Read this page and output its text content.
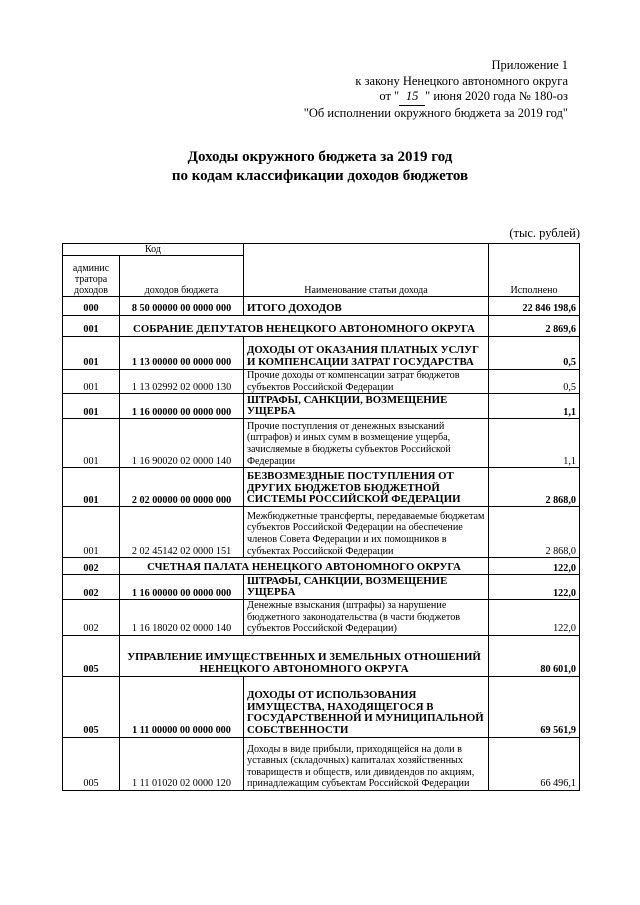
Приложение 1
к закону Ненецкого автономного округа
от " 15 " июня 2020 года № 180-оз
"Об исполнении окружного бюджета за 2019 год"
Доходы окружного бюджета за 2019 год
по кодам классификации доходов бюджетов
(тыс. рублей)
Код		Наименование статьи дохода	Исполнено
админис тратора доходов	доходов бюджета		
000	8 50 00000 00 0000 000	ИТОГО ДОХОДОВ	22 846 198,6
001	СОБРАНИЕ ДЕПУТАТОВ НЕНЕЦКОГО АВТОНОМНОГО ОКРУГА		2 869,6
001	1 13 00000 00 0000 000	ДОХОДЫ ОТ ОКАЗАНИЯ ПЛАТНЫХ УСЛУГ И КОМПЕНСАЦИИ ЗАТРАТ ГОСУДАРСТВА	0,5
001	1 13 02992 02 0000 130	Прочие доходы от компенсации затрат бюджетов субъектов Российской Федерации	0,5
001	1 16 00000 00 0000 000	ШТРАФЫ, САНКЦИИ, ВОЗМЕЩЕНИЕ УЩЕРБА	1,1
001	1 16 90020 02 0000 140	Прочие поступления от денежных взысканий (штрафов) и иных сумм в возмещение ущерба, зачисляемые в бюджеты субъектов Российской Федерации	1,1
001	2 02 00000 00 0000 000	БЕЗВОЗМЕЗДНЫЕ ПОСТУПЛЕНИЯ ОТ ДРУГИХ БЮДЖЕТОВ БЮДЖЕТНОЙ СИСТЕМЫ РОССИЙСКОЙ ФЕДЕРАЦИИ	2 868,0
001	2 02 45142 02 0000 151	Межбюджетные трансферты, передаваемые бюджетам субъектов Российской Федерации на обеспечение членов Совета Федерации и их помощников в субъектах Российской Федерации	2 868,0
002	СЧЕТНАЯ ПАЛАТА НЕНЕЦКОГО АВТОНОМНОГО ОКРУГА		122,0
002	1 16 00000 00 0000 000	ШТРАФЫ, САНКЦИИ, ВОЗМЕЩЕНИЕ УЩЕРБА	122,0
002	1 16 18020 02 0000 140	Денежные взыскания (штрафы) за нарушение бюджетного законодательства (в части бюджетов субъектов Российской Федерации)	122,0
005	УПРАВЛЕНИЕ ИМУЩЕСТВЕННЫХ И ЗЕМЕЛЬНЫХ ОТНОШЕНИЙ НЕНЕЦКОГО АВТОНОМНОГО ОКРУГА		80 601,0
005	1 11 00000 00 0000 000	ДОХОДЫ ОТ ИСПОЛЬЗОВАНИЯ ИМУЩЕСТВА, НАХОДЯЩЕГОСЯ В ГОСУДАРСТВЕННОЙ И МУНИЦИПАЛЬНОЙ СОБСТВЕННОСТИ	69 561,9
005	1 11 01020 02 0000 120	Доходы в виде прибыли, приходящейся на доли в уставных (складочных) капиталах хозяйственных товариществ и обществ, или дивидендов по акциям, принадлежащим субъектам Российской Федерации	66 496,1
